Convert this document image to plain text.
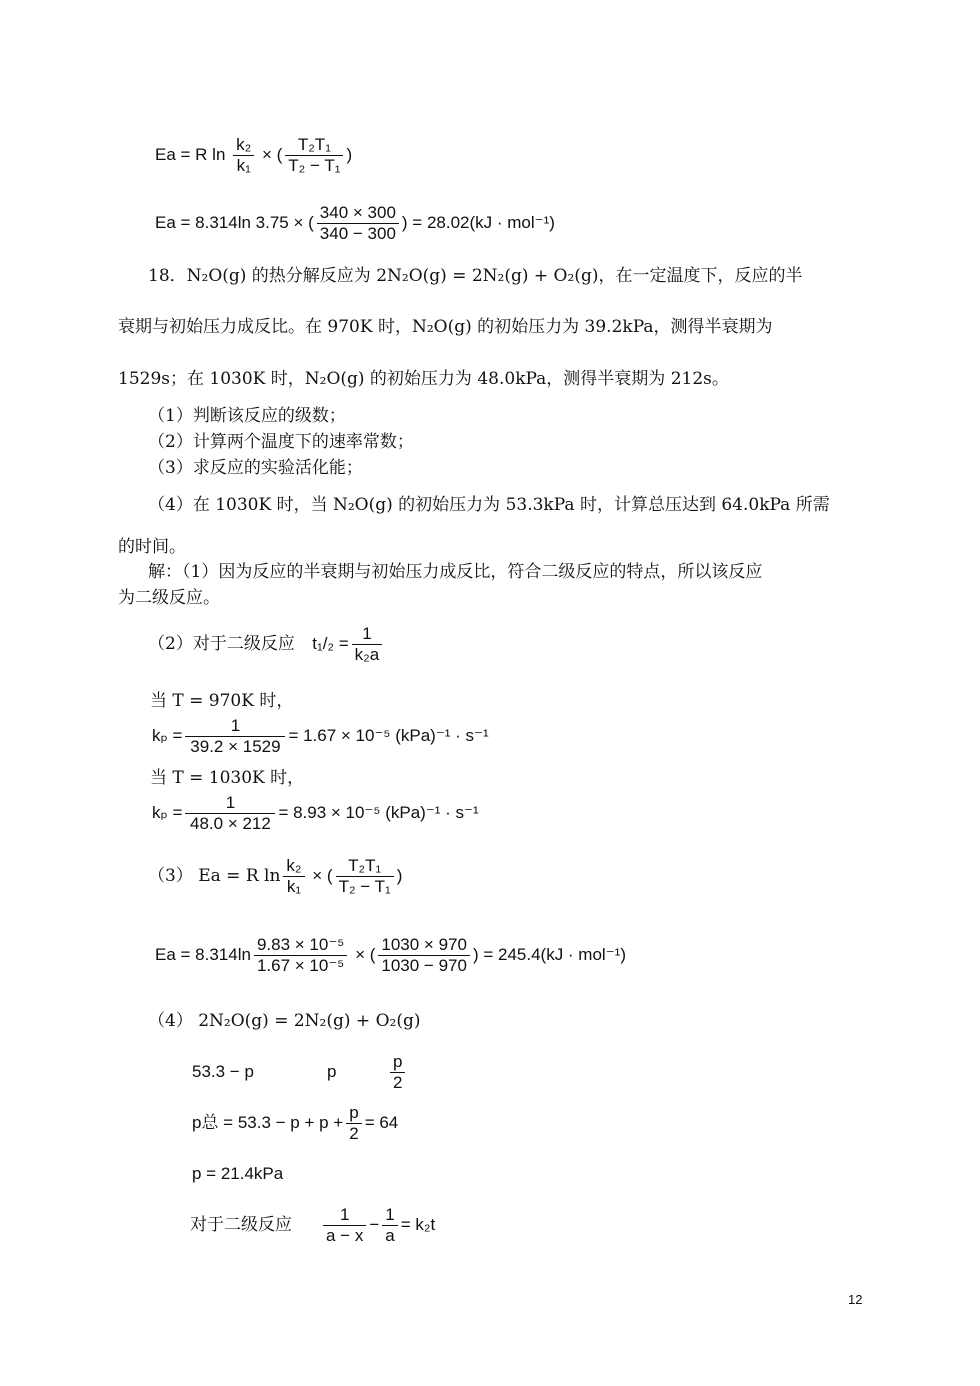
Ea = R $\ln \frac{\text{k₂}}{\text{k₁}}$ × ( $\frac{\text{T₂T₁}}{\text{T₂ − T₁}}$ )
Ea = 8.314ln 3.75 × ( $\frac{340 \times 300}{340 - 300}$ ) = 28.02(kJ · mol⁻¹)
18．N₂O(g) 的热分解反应为 2N₂O(g) = 2N₂(g) + O₂(g)，在一定温度下，反应的半
衰期与初始压力成反比。在 970K 时，N₂O(g) 的初始压力为 39.2kPa，测得半衰期为
1529s；在 1030K 时，N₂O(g) 的初始压力为 48.0kPa，测得半衰期为 212s。
（1）判断该反应的级数；
（2）计算两个温度下的速率常数；
（3）求反应的实验活化能；
（4）在 1030K 时，当 N₂O(g) 的初始压力为 53.3kPa 时，计算总压达到 64.0kPa 所需
的时间。
解：（1）因为反应的半衰期与初始压力成反比，符合二级反应的特点，所以该反应
为二级反应。
（2）对于二级反应 $t_1/_2 = \frac{1}{\text{k₂a}}$
当 T = 970K 时，
$k_p = \frac{1}{39.2 \times 1529} = 1.67 \times 10^{-5}$ (kPa)⁻¹ · s⁻¹
当 T = 1030K 时，
$k_p = \frac{1}{48.0 \times 212} = 8.93 \times 10^{-5}$ (kPa)⁻¹ · s⁻¹
（3） Ea = R $\ln \frac{\text{k₂}}{\text{k₁}}$ × ( $\frac{\text{T₂T₁}}{\text{T₂ − T₁}}$ )
$Ea = 8.314\ln \frac{\text{9.83 × 10⁻⁵}}{\text{1.67 × 10⁻⁵}}$ × ( $\frac{1030 \times 970}{1030 - 970}$ ) = 245.4(kJ · mol⁻¹)
（4） 2N₂O(g) = 2N₂(g) + O₂(g)
53.3 − p	p	$\frac{p}{2}$
p总 = $53.3 - p + p + \frac{p}{2} = 64$
p = 21.4kPa
对于二级反应 $\frac{1}{a - x} - \frac{1}{a} = k_2t$
12
